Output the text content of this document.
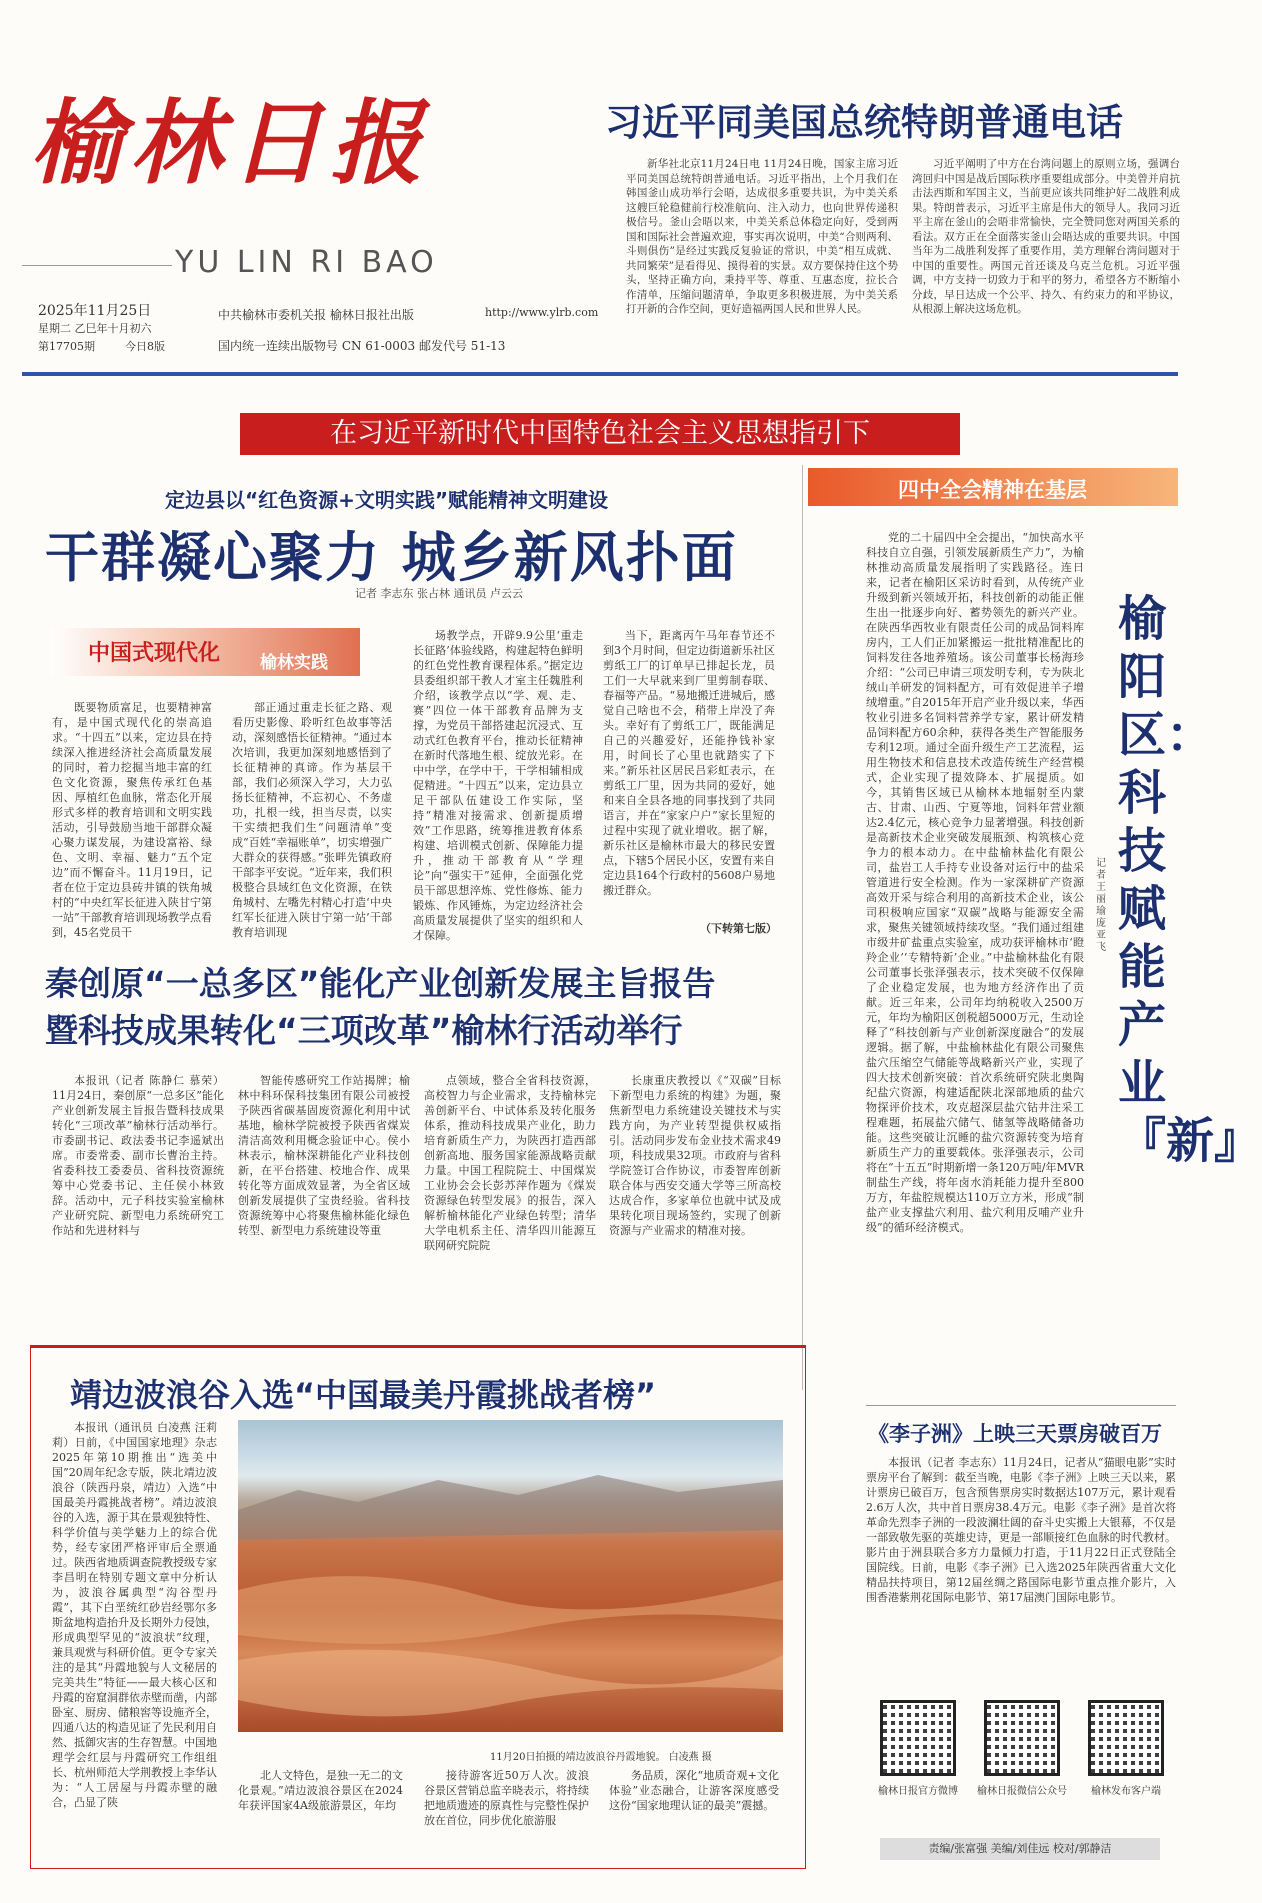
榆林日报
YU LIN RI BAO
2025年11月25日
星期二 乙巳年十月初六
第17705期	今日8版
中共榆林市委机关报 榆林日报社出版	http://www.ylrb.com
国内统一连续出版物号 CN 61-0003 邮发代号 51-13
习近平同美国总统特朗普通电话

新华社北京11月24日电 11月24日晚，国家主席习近平同美国总统特朗普通电话。习近平指出，上个月我们在韩国釜山成功举行会晤，达成很多重要共识，为中美关系这艘巨轮稳健前行校准航向、注入动力，也向世界传递积极信号。釜山会晤以来，中美关系总体稳定向好，受到两国和国际社会普遍欢迎，事实再次说明，中美“合则两利、斗则俱伤”是经过实践反复验证的常识，中美“相互成就、共同繁荣”是看得见、摸得着的实景。双方要保持住这个势头，坚持正确方向，秉持平等、尊重、互惠态度，拉长合作清单，压缩问题清单，争取更多积极进展，为中美关系打开新的合作空间，更好造福两国人民和世界人民。

习近平阐明了中方在台湾问题上的原则立场，强调台湾回归中国是战后国际秩序重要组成部分。中美曾并肩抗击法西斯和军国主义，当前更应该共同维护好二战胜利成果。特朗普表示，习近平主席是伟大的领导人。我同习近平主席在釜山的会晤非常愉快，完全赞同您对两国关系的看法。双方正在全面落实釜山会晤达成的重要共识。中国当年为二战胜利发挥了重要作用，美方理解台湾问题对于中国的重要性。两国元首还谈及乌克兰危机。习近平强调，中方支持一切致力于和平的努力，希望各方不断缩小分歧，早日达成一个公平、持久、有约束力的和平协议，从根源上解决这场危机。

在习近平新时代中国特色社会主义思想指引下
定边县以“红色资源+文明实践”赋能精神文明建设
干群凝心聚力 城乡新风扑面
记者 李志东 张占林 通讯员 卢云云
中国式现代化 榆林实践

既要物质富足，也要精神富有，是中国式现代化的崇高追求。“十四五”以来，定边县在持续深入推进经济社会高质量发展的同时，着力挖掘当地丰富的红色文化资源，聚焦传承红色基因、厚植红色血脉，常态化开展形式多样的教育培训和文明实践活动，引导鼓励当地干部群众凝心聚力谋发展，为建设富裕、绿色、文明、幸福、魅力“五个定边”而不懈奋斗。11月19日，记者在位于定边县砖井镇的铁角城村的“中央红军长征进入陕甘宁第一站”干部教育培训现场教学点看到，45名党员干

部正通过重走长征之路、观看历史影像、聆听红色故事等活动，深刻感悟长征精神。“通过本次培训，我更加深刻地感悟到了长征精神的真谛。作为基层干部，我们必须深入学习，大力弘扬长征精神，不忘初心、不务虚功，扎根一线，担当尽责，以实干实绩把我们生“问题清单”变成“百姓“幸福账单”，切实增强广大群众的获得感。”张畔先镇政府干部李平安说。“近年来，我们积极整合县域红色文化资源，在铁角城村、左嘴先村精心打造‘中央红军长征进入陕甘宁第一站’干部教育培训现

场教学点，开辟9.9公里‘重走长征路’体验线路，构建起特色鲜明的红色党性教育课程体系。”据定边县委组织部干教人才室主任魏胜利介绍，该教学点以“学、观、走、赛”四位一体干部教育品牌为支撑，为党员干部搭建起沉浸式、互动式红色教育平台，推动长征精神在新时代落地生根、绽放光彩。在中中学，在学中干，干学相辅相成促精进。“十四五”以来，定边县立足干部队伍建设工作实际，坚持“精准对接需求、创新提质增效”工作思路，统筹推进教育体系构建、培训模式创新、保障能力提升，推动干部教育从“学理论”向“强实干”延伸，全面强化党员干部思想淬炼、党性修炼、能力锻炼、作风锤炼，为定边经济社会高质量发展提供了坚实的组织和人才保障。

当下，距离丙午马年春节还不到3个月时间，但定边街道新乐社区剪纸工厂的订单早已排起长龙，员工们一大早就来到厂里剪制春联、春福等产品。“易地搬迁进城后，感觉自己啥也不会，稍带上岸没了奔头。幸好有了剪纸工厂，既能满足自己的兴趣爱好，还能挣钱补家用，时间长了心里也就踏实了下来。”新乐社区居民吕彩虹表示，在剪纸工厂里，因为共同的爱好，她和来自全县各地的同事找到了共同语言，并在“家家户户”家长里短的过程中实现了就业增收。据了解，新乐社区是榆林市最大的移民安置点，下辖5个居民小区，安置有来自定边县164个行政村的5608户易地搬迁群众。

（下转第七版）
四中全会精神在基层
榆阳区：科技赋能产业『新』
记者 王丽瑜 庞亚飞

党的二十届四中全会提出，“加快高水平科技自立自强，引领发展新质生产力”，为榆林推动高质量发展指明了实践路径。连日来，记者在榆阳区采访时看到，从传统产业升级到新兴领域开拓，科技创新的动能正催生出一批逐步向好、蓄势领先的新兴产业。在陕西华西牧业有限责任公司的成品饲料库房内，工人们正加紧搬运一批批精准配比的饲料发往各地养殖场。该公司董事长杨海珍介绍：“公司已申请三项发明专利，专为陕北绒山羊研发的饲料配方，可有效促进羊子增绒增重。”自2015年开启产业升级以来，华西牧业引进多名饲料营养学专家，累计研发精品饲料配方60余种，获得各类生产智能服务专利12项。通过全面升级生产工艺流程，运用生物技术和信息技术改造传统生产经营模式，企业实现了提效降本、扩展提质。如今，其销售区域已从榆林本地辐射至内蒙古、甘肃、山西、宁夏等地，饲料年营业额达2.4亿元，核心竞争力显著增强。科技创新是高新技术企业突破发展瓶颈、构筑核心竞争力的根本动力。在中盐榆林盐化有限公司，盐岩工人手持专业设备对运行中的盐采管道进行安全检测。作为一家深耕矿产资源高效开采与综合利用的高新技术企业，该公司积极响应国家“双碳”战略与能源安全需求，聚焦关键领域持续攻坚。“我们通过组建市级井矿盐重点实验室，成功获评榆林市‘瞪羚企业’‘专精特新’企业。”中盐榆林盐化有限公司董事长张泽强表示，技术突破不仅保障了企业稳定发展，也为地方经济作出了贡献。近三年来，公司年均纳税收入2500万元，年均为榆阳区创税超5000万元，生动诠释了“科技创新与产业创新深度融合”的发展逻辑。据了解，中盐榆林盐化有限公司聚焦盐穴压缩空气储能等战略新兴产业，实现了四大技术创新突破：首次系统研究陕北奥陶纪盐穴资源，构建适配陕北深部地质的盐穴物探评价技术，攻克超深层盐穴钻井注采工程难题，拓展盐穴储气、储氢等战略储备功能。这些突破让沉睡的盐穴资源转变为培育新质生产力的重要载体。张泽强表示，公司将在“十五五”时期新增一条120万吨/年MVR制盐生产线，将年卤水消耗能力提升至800万方，年盐腔规模达110万立方米，形成“制盐产业支撑盐穴利用、盐穴利用反哺产业升级”的循环经济模式。

秦创原“一总多区”能化产业创新发展主旨报告
暨科技成果转化“三项改革”榆林行活动举行

本报讯（记者 陈静仁 慕荣）11月24日，秦创原“一总多区”能化产业创新发展主旨报告暨科技成果转化“三项改革”榆林行活动举行。市委副书记、政法委书记李遥斌出席。市委常委、副市长曹治主持。省委科技工委委员、省科技资源统筹中心党委书记、主任侯小林致辞。活动中，元子科技实验室榆林产业研究院、新型电力系统研究工作站和先进材料与

智能传感研究工作站揭牌；榆林中科环保科技集团有限公司被授予陕西省碳基固废资源化利用中试基地，榆林学院被授予陕西省煤炭清洁高效利用概念验证中心。侯小林表示，榆林深耕能化产业科技创新，在平台搭建、校地合作、成果转化等方面成效显著，为全省区域创新发展提供了宝贵经验。省科技资源统筹中心将聚焦榆林能化绿色转型、新型电力系统建设等重

点领域，整合全省科技资源，高校智力与企业需求，支持榆林完善创新平台、中试体系及转化服务体系，推动科技成果产业化，助力培育新质生产力，为陕西打造西部创新高地、服务国家能源战略贡献力量。中国工程院院士、中国煤炭工业协会会长彭苏萍作题为《煤炭资源绿色转型发展》的报告，深入解析榆林能化产业绿色转型；清华大学电机系主任、清华四川能源互联网研究院院

长康重庆教授以《“双碳”目标下新型电力系统的构建》为题，聚焦新型电力系统建设关键技术与实践方向，为产业转型提供权威指引。活动同步发布金业技术需求49项，科技成果32项。市政府与省科学院签订合作协议，市委智库创新联合体与西安交通大学等三所高校达成合作，多家单位也就中试及成果转化项目现场签约，实现了创新资源与产业需求的精准对接。

靖边波浪谷入选“中国最美丹霞挑战者榜”

本报讯（通讯员 白凌燕 汪莉莉）日前，《中国国家地理》杂志2025年第10期推出“选美中国”20周年纪念专版，陕北靖边波浪谷（陕西丹泉，靖边）入选“中国最美丹霞挑战者榜”。靖边波浪谷的入选，源于其在景观独特性、科学价值与美学魅力上的综合优势，经专家团严格评审后全票通过。陕西省地质调查院教授级专家李昌明在特别专题文章中分析认为，波浪谷属典型“沟谷型丹霞”，其下白垩统红砂岩经鄂尔多斯盆地构造抬升及长期外力侵蚀，形成典型罕见的“波浪状”纹理，兼具观赏与科研价值。更令专家关注的是其“丹霞地貌与人文秘居的完美共生”特征——最大核心区和丹霞的窑窟洞群依赤壁而凿，内部卧室、厨房、储粮窖等设施齐全，四通八达的构造见证了先民利用自然、抵御灾害的生存智慧。中国地理学会红层与丹霞研究工作组组长、杭州师范大学荆教授上李华认为：“人工居屋与丹霞赤壁的融合，凸显了陕

11月20日拍摄的靖边波浪谷丹霞地貌。 白凌燕 摄

北人文特色，是独一无二的文化景观。”靖边波浪谷景区在2024年获评国家4A级旅游景区，年均

接待游客近50万人次。波浪谷景区营销总监辛晓表示，将持续把地质遗迹的原真性与完整性保护放在首位，同步优化旅游服

务品质，深化“地质奇观+文化体验”业态融合，让游客深度感受这份“国家地理认证的最美”震撼。

《李子洲》上映三天票房破百万

本报讯（记者 李志东）11月24日，记者从“猫眼电影”实时票房平台了解到：截至当晚，电影《李子洲》上映三天以来，累计票房已破百万，包含预售票房实时数据达107万元，累计观看2.6万人次，共中首日票房38.4万元。电影《李子洲》是首次将革命先烈李子洲的一段波澜壮阔的奋斗史实搬上大银幕，不仅是一部致敬先驱的英雄史诗，更是一部顺接红色血脉的时代教材。影片由于洲县联合多方力量倾力打造，于11月22日正式登陆全国院线。日前，电影《李子洲》已入选2025年陕西省重大文化精品扶持项目，第12届丝绸之路国际电影节重点推介影片，入围香港紫荆花国际电影节、第17届澳门国际电影节。

榆林日报官方微博	榆林日报微信公众号	榆林发布客户端
责编/张富强 美编/刘佳远 校对/郭静洁
